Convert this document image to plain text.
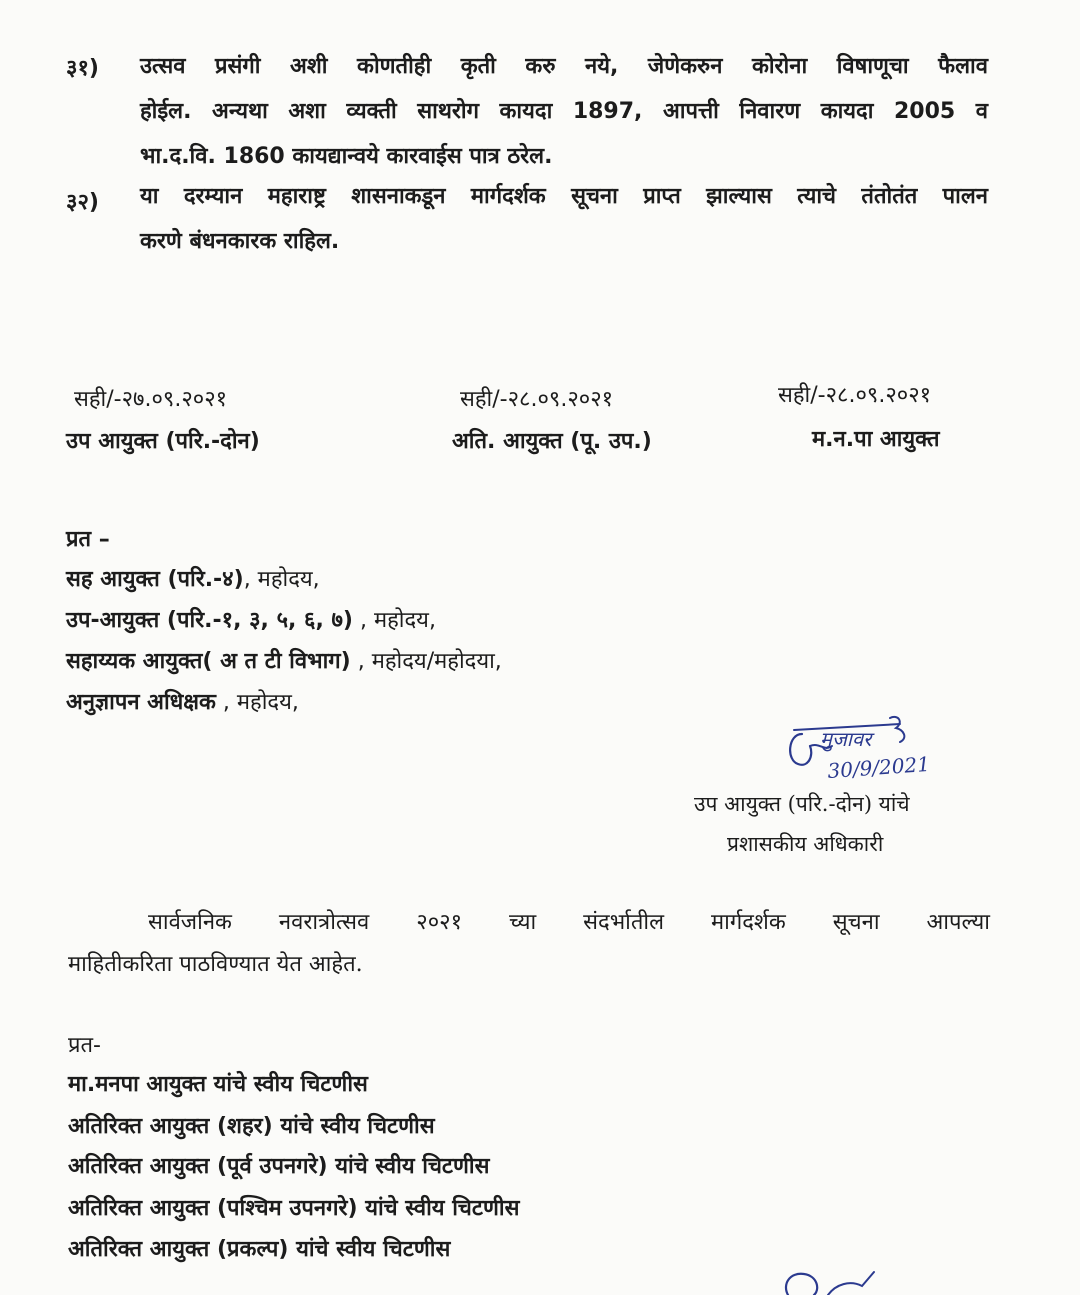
३१) उत्सव प्रसंगी अशी कोणतीही कृती करु नये, जेणेकरुन कोरोना विषाणूचा फैलाव
होईल. अन्यथा अशा व्यक्ती साथरोग कायदा 1897, आपत्ती निवारण कायदा 2005 व
भा.द.वि. 1860 कायद्यान्वये कारवाईस पात्र ठरेल.
३२) या दरम्यान महाराष्ट्र शासनाकडून मार्गदर्शक सूचना प्राप्त झाल्यास त्याचे तंतोतंत पालन
करणे बंधनकारक राहिल.
सही/-२७.०९.२०२१
उप आयुक्त (परि.-दोन)
सही/-२८.०९.२०२१
अति. आयुक्त (पू. उप.)
सही/-२८.०९.२०२१
म.न.पा आयुक्त
प्रत –
सह आयुक्त (परि.-४), महोदय,
उप-आयुक्त (परि.-१, ३, ५, ६, ७) , महोदय,
सहाय्यक आयुक्त( अ त टी विभाग) , महोदय/महोदया,
अनुज्ञापन अधिक्षक , महोदय,
मुजावर
30/9/2021
उप आयुक्त (परि.-दोन) यांचे
प्रशासकीय अधिकारी
सार्वजनिक नवरात्रोत्सव २०२१ च्या संदर्भातील मार्गदर्शक सूचना आपल्या
माहितीकरिता पाठविण्यात येत आहेत.
प्रत-
मा.मनपा आयुक्त यांचे स्वीय चिटणीस
अतिरिक्त आयुक्त (शहर) यांचे स्वीय चिटणीस
अतिरिक्त आयुक्त (पूर्व उपनगरे) यांचे स्वीय चिटणीस
अतिरिक्त आयुक्त (पश्चिम उपनगरे) यांचे स्वीय चिटणीस
अतिरिक्त आयुक्त (प्रकल्प) यांचे स्वीय चिटणीस
